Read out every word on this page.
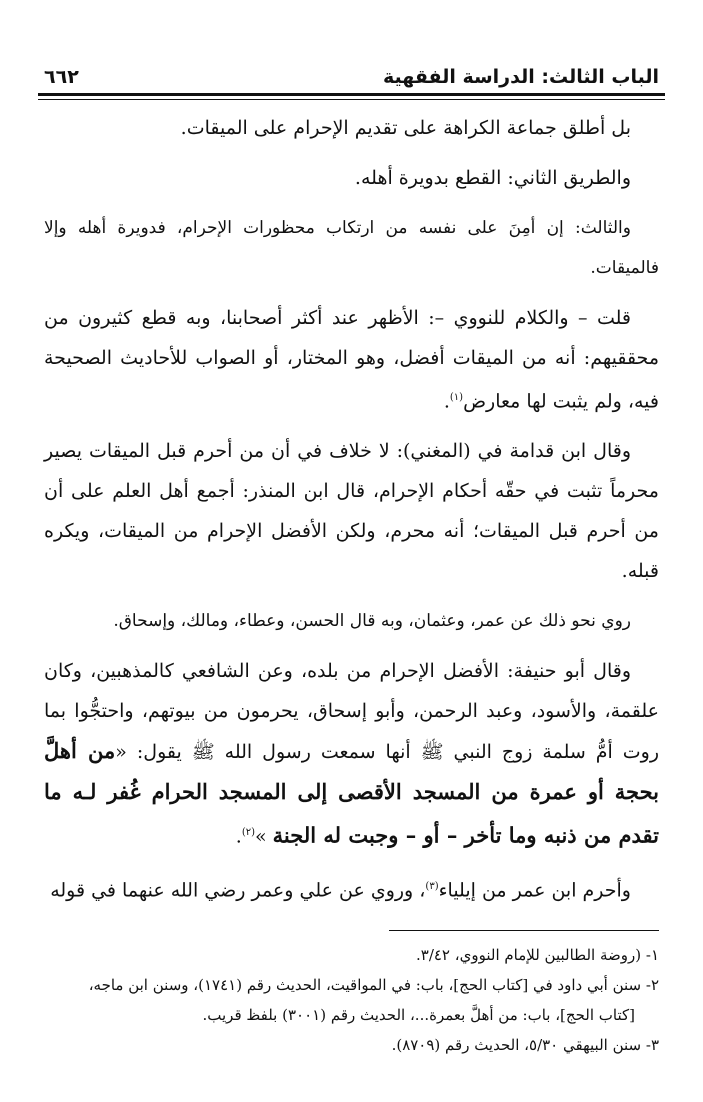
الباب الثالث: الدراسة الفقهية
٦٦٢

بل أطلق جماعة الكراهة على تقديم الإحرام على الميقات.

والطريق الثاني: القطع بدويرة أهله.

والثالث: إن أمِنَ على نفسه من ارتكاب محظورات الإحرام، فدويرة أهله وإلا فالميقات.

قلت – والكلام للنووي –: الأظهر عند أكثر أصحابنا، وبه قطع كثيرون من محققيهم: أنه من الميقات أفضل، وهو المختار، أو الصواب للأحاديث الصحيحة فيه، ولم يثبت لها معارض$^{(١)}$.

وقال ابن قدامة في (المغني): لا خلاف في أن من أحرم قبل الميقات يصير محرماً تثبت في حقّه أحكام الإحرام، قال ابن المنذر: أجمع أهل العلم على أن من أحرم قبل الميقات؛ أنه محرم، ولكن الأفضل الإحرام من الميقات، ويكره قبله.

روي نحو ذلك عن عمر، وعثمان، وبه قال الحسن، وعطاء، ومالك، وإسحاق.

وقال أبو حنيفة: الأفضل الإحرام من بلده، وعن الشافعي كالمذهبين، وكان علقمة، والأسود، وعبد الرحمن، وأبو إسحاق، يحرمون من بيوتهم، واحتجُّوا بما روت أمُّ سلمة زوج النبي ﷺ أنها سمعت رسول الله ﷺ يقول: «من أهلَّ بحجة أو عمرة من المسجد الأقصى إلى المسجد الحرام غُفر لـه ما تقدم من ذنبه وما تأخر – أو – وجبت له الجنة »$^{(٢)}$.

وأحرم ابن عمر من إيلياء$^{(٣)}$، وروي عن علي وعمر رضي الله عنهما في قوله

١- (روضة الطالبين للإمام النووي، ٣/٤٢.
٢- سنن أبي داود في [كتاب الحج]، باب: في المواقيت، الحديث رقم (١٧٤١)، وسنن ابن ماجه،
[كتاب الحج]، باب: من أهلَّ بعمرة...، الحديث رقم (٣٠٠١) بلفظ قريب.
٣- سنن البيهقي ٥/٣٠، الحديث رقم (٨٧٠٩).
